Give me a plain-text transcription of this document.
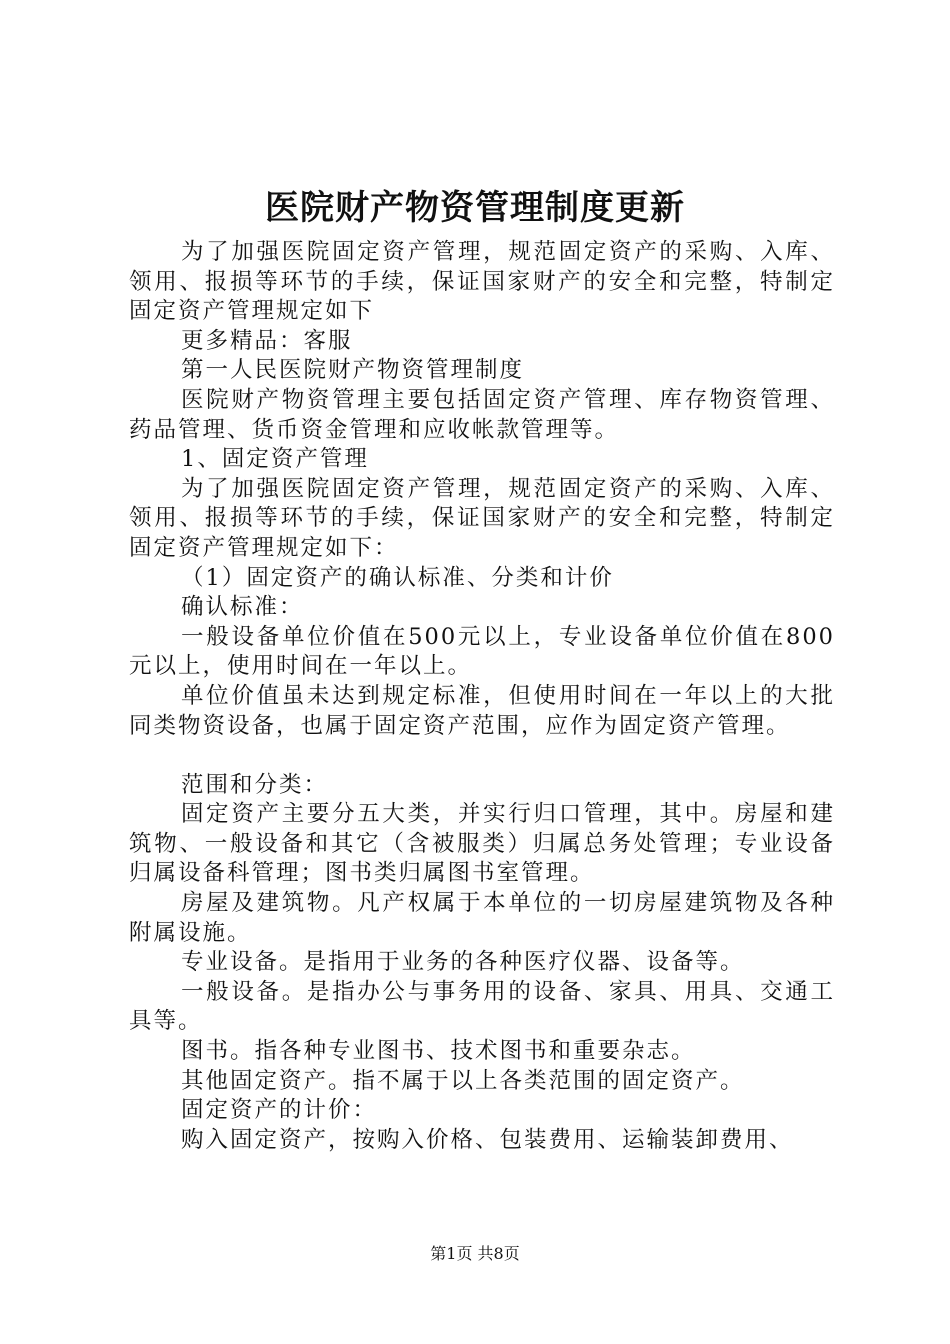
医院财产物资管理制度更新

为了加强医院固定资产管理，规范固定资产的采购、入库、领用、报损等环节的手续，保证国家财产的安全和完整，特制定固定资产管理规定如下

更多精品：客服

第一人民医院财产物资管理制度

医院财产物资管理主要包括固定资产管理、库存物资管理、药品管理、货币资金管理和应收帐款管理等。

1、固定资产管理

为了加强医院固定资产管理，规范固定资产的采购、入库、领用、报损等环节的手续，保证国家财产的安全和完整，特制定固定资产管理规定如下：

（1）固定资产的确认标准、分类和计价

确认标准：

一般设备单位价值在500元以上，专业设备单位价值在800元以上，使用时间在一年以上。

单位价值虽未达到规定标准，但使用时间在一年以上的大批同类物资设备，也属于固定资产范围，应作为固定资产管理。

范围和分类：

固定资产主要分五大类，并实行归口管理，其中。房屋和建筑物、一般设备和其它（含被服类）归属总务处管理；专业设备归属设备科管理；图书类归属图书室管理。

房屋及建筑物。凡产权属于本单位的一切房屋建筑物及各种附属设施。

专业设备。是指用于业务的各种医疗仪器、设备等。

一般设备。是指办公与事务用的设备、家具、用具、交通工具等。

图书。指各种专业图书、技术图书和重要杂志。

其他固定资产。指不属于以上各类范围的固定资产。

固定资产的计价：

购入固定资产，按购入价格、包装费用、运输装卸费用、

第1页 共8页
